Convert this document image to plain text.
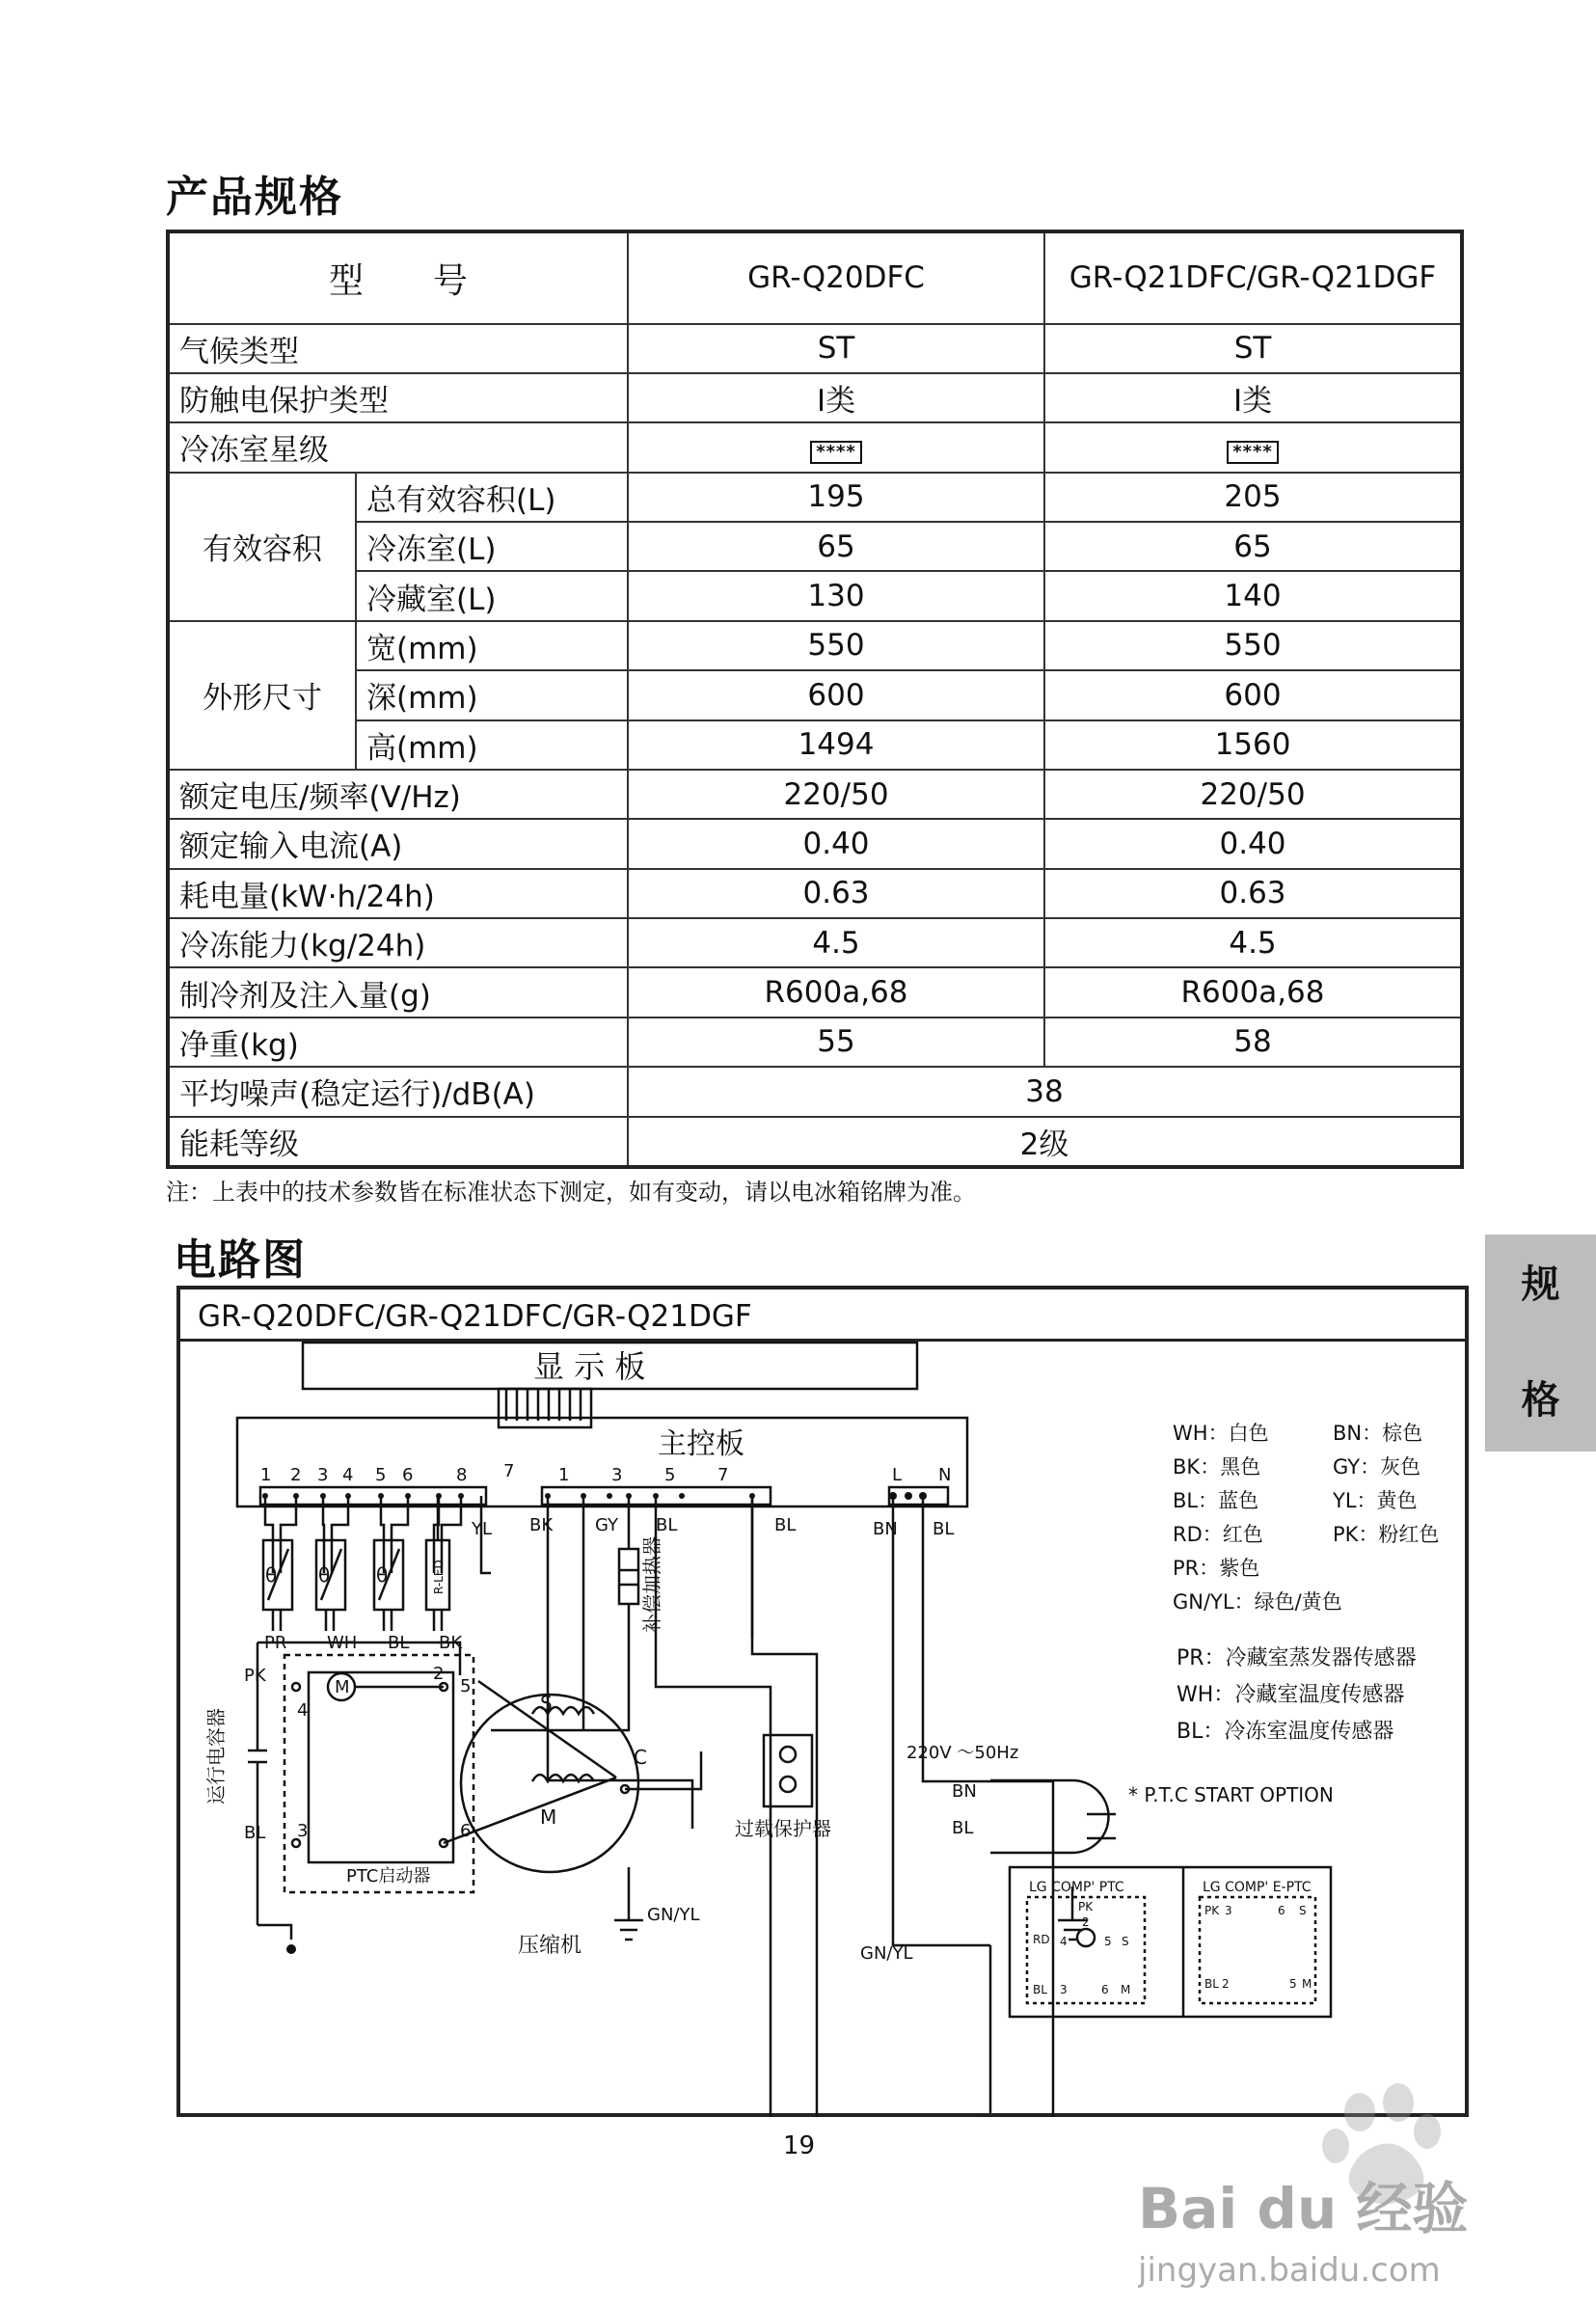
产品规格
型　　号		GR-Q20DFC	GR-Q21DFC/GR-Q21DGF
气候类型		ST	ST
防触电保护类型		Ⅰ类	Ⅰ类
冷冻室星级		****	****
有效容积	总有效容积(L)	195	205
	冷冻室(L)	65	65
	冷藏室(L)	130	140
外形尺寸	宽(mm)	550	550
	深(mm)	600	600
	高(mm)	1494	1560
额定电压/频率(V/Hz)		220/50	220/50
额定输入电流(A)		0.40	0.40
耗电量(kW·h/24h)		0.63	0.63
冷冻能力(kg/24h)		4.5	4.5
制冷剂及注入量(g)		R600a,68	R600a,68
净重(kg)		55	58
平均噪声(稳定运行)/dB(A)		38	
能耗等级		2级	
注：上表中的技术参数皆在标准状态下测定，如有变动，请以电冰箱铭牌为准。
电路图	规
格
GR-Q20DFC/GR-Q21DFC/GR-Q21DGF
显 示 板
主控板
1 2 3 4 5 6 8 7	1 3 5 7	L N
YL BK GY BL	BL	BN BL
PR WH BL BK
θ θ θ	R-LED	补偿加热器
WH：白色	BN：棕色
BK：黑色	GY：灰色
BL：蓝色	YL：黄色
RD：红色	PK：粉红色
PR：紫色
GN/YL：绿色/黄色
PR：冷藏室蒸发器传感器
WH：冷藏室温度传感器
BL：冷冻室温度传感器
* P.T.C START OPTION
LG COMP' PTC	LG COMP' E-PTC
PK
RD
BL
2
4	5 S
3	6 M
PK 3	6 S
BL 2	5 M
运行电容器
PK
BL
PTC启动器
2
4
3
5
6
M
压缩机
S
M
C
过载保护器
GN/YL
GN/YL
220V ～50Hz
BN
BL
19
Bai du 经验
jingyan.baidu.com
